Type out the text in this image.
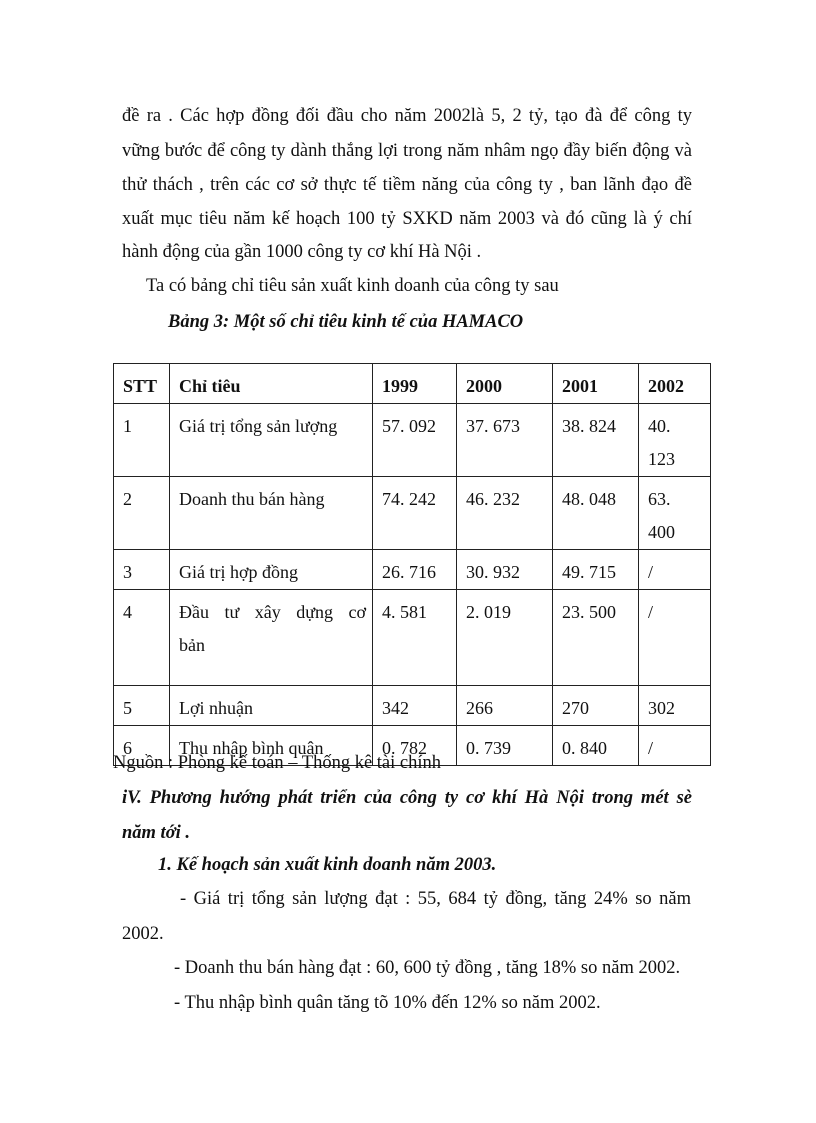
đề ra . Các hợp đồng đối đầu cho năm 2002là 5, 2 tỷ, tạo đà để công ty
vững bước để công ty dành thắng lợi trong năm nhâm ngọ đầy biến động và
thử thách , trên các cơ sở thực tế tiềm năng của công ty , ban lãnh đạo đề
xuất mục tiêu năm kế hoạch 100 tỷ SXKD năm 2003 và đó cũng là ý chí
hành động của gần 1000 công ty cơ khí Hà Nội .
Ta có bảng chỉ tiêu sản xuất kinh doanh của công ty sau
Bảng 3: Một số chỉ tiêu kinh tế của HAMACO
STT	Chỉ tiêu	1999	2000	2001	2002
1	Giá trị tổng sản lượng	57. 092	37. 673	38. 824	40.
123
2	Doanh thu bán hàng	74. 242	46. 232	48. 048	63.
400
3	Giá trị hợp đồng	26. 716	30. 932	49. 715	/
4	Đầu tư xây dựng cơ
bản	4. 581	2. 019	23. 500	/
5	Lợi nhuận	342	266	270	302
6	Thu nhập bình quân	0. 782	0. 739	0. 840	/
Nguồn : Phòng kế toán – Thống kê tài chính
iV. Phương hướng phát triển của công ty cơ khí Hà Nội trong mét sè
năm tới .
1. Kế hoạch sản xuất kinh doanh năm 2003.
- Giá trị tổng sản lượng đạt : 55, 684 tỷ đồng, tăng 24% so năm
2002.
- Doanh thu bán hàng đạt : 60, 600 tỷ đồng , tăng 18% so năm 2002.
- Thu nhập bình quân tăng tõ 10% đến 12% so năm 2002.
